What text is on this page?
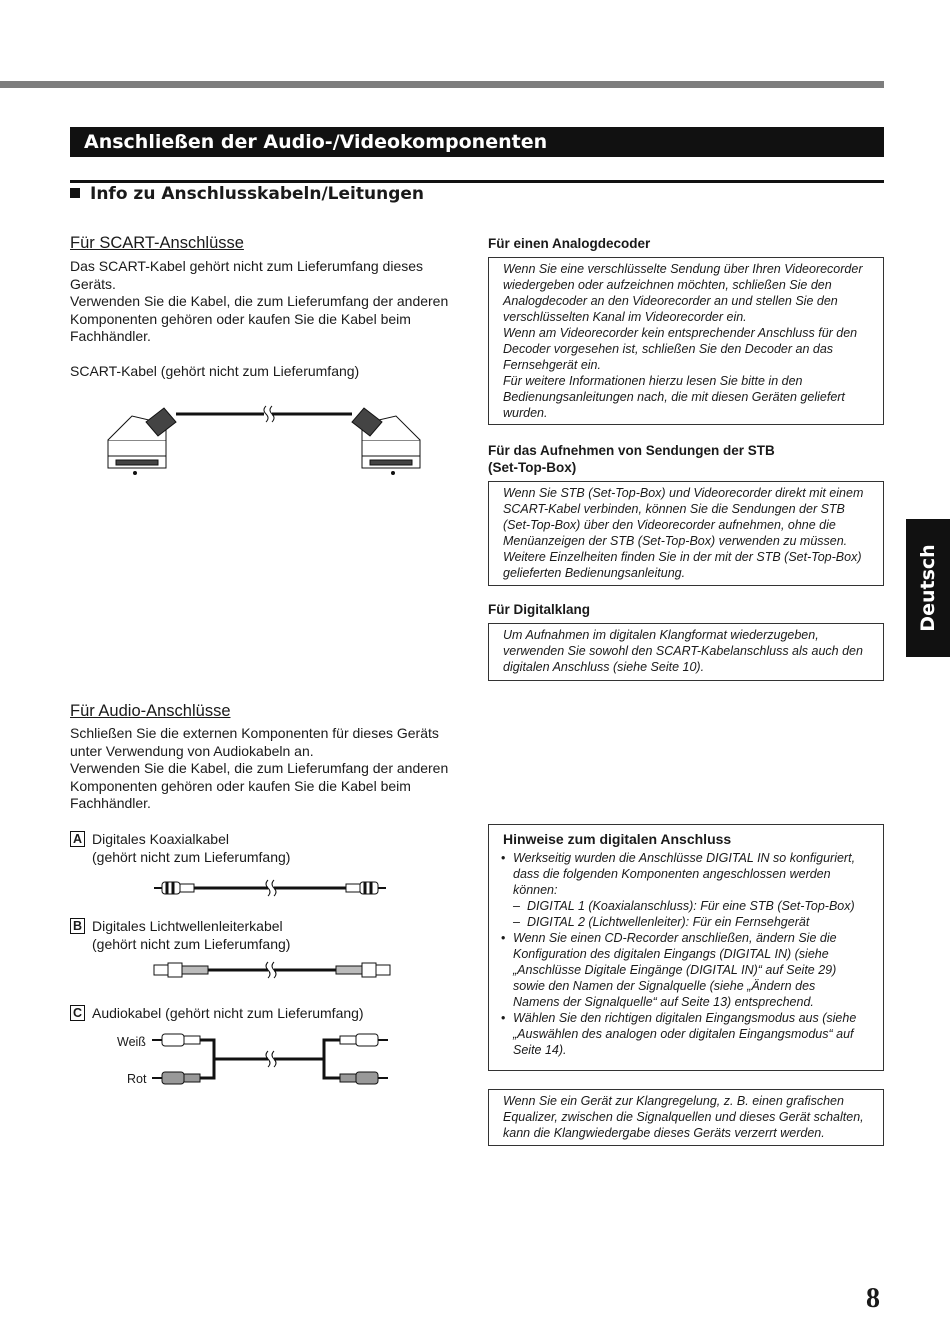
Anschließen der Audio-/Videokomponenten
Info zu Anschlusskabeln/Leitungen
Für SCART-Anschlüsse
Das SCART-Kabel gehört nicht zum Lieferumfang dieses
Geräts.
Verwenden Sie die Kabel, die zum Lieferumfang der anderen
Komponenten gehören oder kaufen Sie die Kabel beim
Fachhändler.
SCART-Kabel (gehört nicht zum Lieferumfang)
Für einen Analogdecoder
Wenn Sie eine verschlüsselte Sendung über Ihren Videorecorder
wiedergeben oder aufzeichnen möchten, schließen Sie den
Analogdecoder an den Videorecorder an und stellen Sie den
verschlüsselten Kanal im Videorecorder ein.
Wenn am Videorecorder kein entsprechender Anschluss für den
Decoder vorgesehen ist, schließen Sie den Decoder an das
Fernsehgerät ein.
Für weitere Informationen hierzu lesen Sie bitte in den
Bedienungsanleitungen nach, die mit diesen Geräten geliefert
wurden.
Für das Aufnehmen von Sendungen der STB
(Set-Top-Box)
Wenn Sie STB (Set-Top-Box) und Videorecorder direkt mit einem
SCART-Kabel verbinden, können Sie die Sendungen der STB
(Set-Top-Box) über den Videorecorder aufnehmen, ohne die
Menüanzeigen der STB (Set-Top-Box) verwenden zu müssen.
Weitere Einzelheiten finden Sie in der mit der STB (Set-Top-Box)
gelieferten Bedienungsanleitung.
Für Digitalklang
Um Aufnahmen im digitalen Klangformat wiederzugeben,
verwenden Sie sowohl den SCART-Kabelanschluss als auch den
digitalen Anschluss (siehe Seite 10).
Deutsch
Für Audio-Anschlüsse
Schließen Sie die externen Komponenten für dieses Geräts
unter Verwendung von Audiokabeln an.
Verwenden Sie die Kabel, die zum Lieferumfang der anderen
Komponenten gehören oder kaufen Sie die Kabel beim
Fachhändler.
A Digitales Koaxialkabel
(gehört nicht zum Lieferumfang)
B Digitales Lichtwellenleiterkabel
(gehört nicht zum Lieferumfang)
C Audiokabel (gehört nicht zum Lieferumfang)
Weiß
Rot
Hinweise zum digitalen Anschluss
• Werkseitig wurden die Anschlüsse DIGITAL IN so konfiguriert,
dass die folgenden Komponenten angeschlossen werden
können:
– DIGITAL 1 (Koaxialanschluss): Für eine STB (Set-Top-Box)
– DIGITAL 2 (Lichtwellenleiter): Für ein Fernsehgerät
• Wenn Sie einen CD-Recorder anschließen, ändern Sie die
Konfiguration des digitalen Eingangs (DIGITAL IN) (siehe
„Anschlüsse Digitale Eingänge (DIGITAL IN)“ auf Seite 29)
sowie den Namen der Signalquelle (siehe „Ändern des
Namens der Signalquelle“ auf Seite 13) entsprechend.
• Wählen Sie den richtigen digitalen Eingangsmodus aus (siehe
„Auswählen des analogen oder digitalen Eingangsmodus“ auf
Seite 14).
Wenn Sie ein Gerät zur Klangregelung, z. B. einen grafischen
Equalizer, zwischen die Signalquellen und dieses Gerät schalten,
kann die Klangwiedergabe dieses Geräts verzerrt werden.
8
